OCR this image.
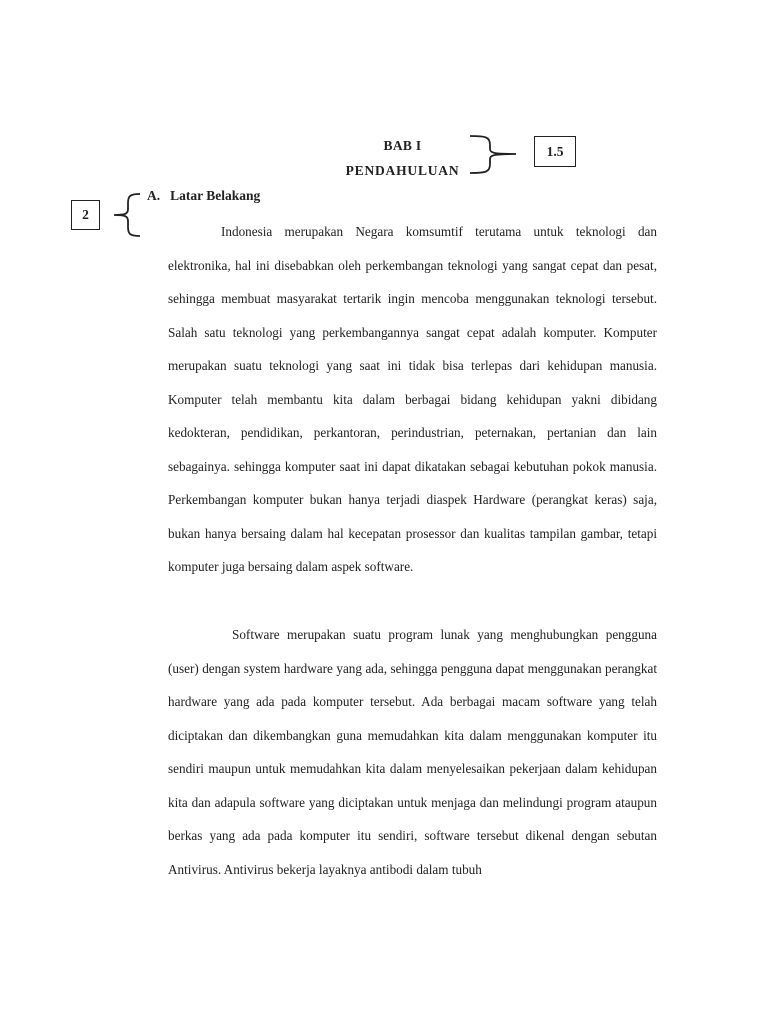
BAB I
PENDAHULUAN
1.5
2
A. Latar Belakang

Indonesia merupakan Negara komsumtif terutama untuk teknologi dan elektronika, hal ini disebabkan oleh perkembangan teknologi yang sangat cepat dan pesat, sehingga membuat masyarakat tertarik ingin mencoba menggunakan teknologi tersebut. Salah satu teknologi yang perkembangannya sangat cepat adalah komputer. Komputer merupakan suatu teknologi yang saat ini tidak bisa terlepas dari kehidupan manusia. Komputer telah membantu kita dalam berbagai bidang kehidupan yakni dibidang kedokteran, pendidikan, perkantoran, perindustrian, peternakan, pertanian dan lain sebagainya. sehingga komputer saat ini dapat dikatakan sebagai kebutuhan pokok manusia. Perkembangan komputer bukan hanya terjadi diaspek Hardware (perangkat keras) saja, bukan hanya bersaing dalam hal kecepatan prosessor dan kualitas tampilan gambar, tetapi komputer juga bersaing dalam aspek software.

Software merupakan suatu program lunak yang menghubungkan pengguna (user) dengan system hardware yang ada, sehingga pengguna dapat menggunakan perangkat hardware yang ada pada komputer tersebut. Ada berbagai macam software yang telah diciptakan dan dikembangkan guna memudahkan kita dalam menggunakan komputer itu sendiri maupun untuk memudahkan kita dalam menyelesaikan pekerjaan dalam kehidupan kita dan adapula software yang diciptakan untuk menjaga dan melindungi program ataupun berkas yang ada pada komputer itu sendiri, software tersebut dikenal dengan sebutan Antivirus. Antivirus bekerja layaknya antibodi dalam tubuh
